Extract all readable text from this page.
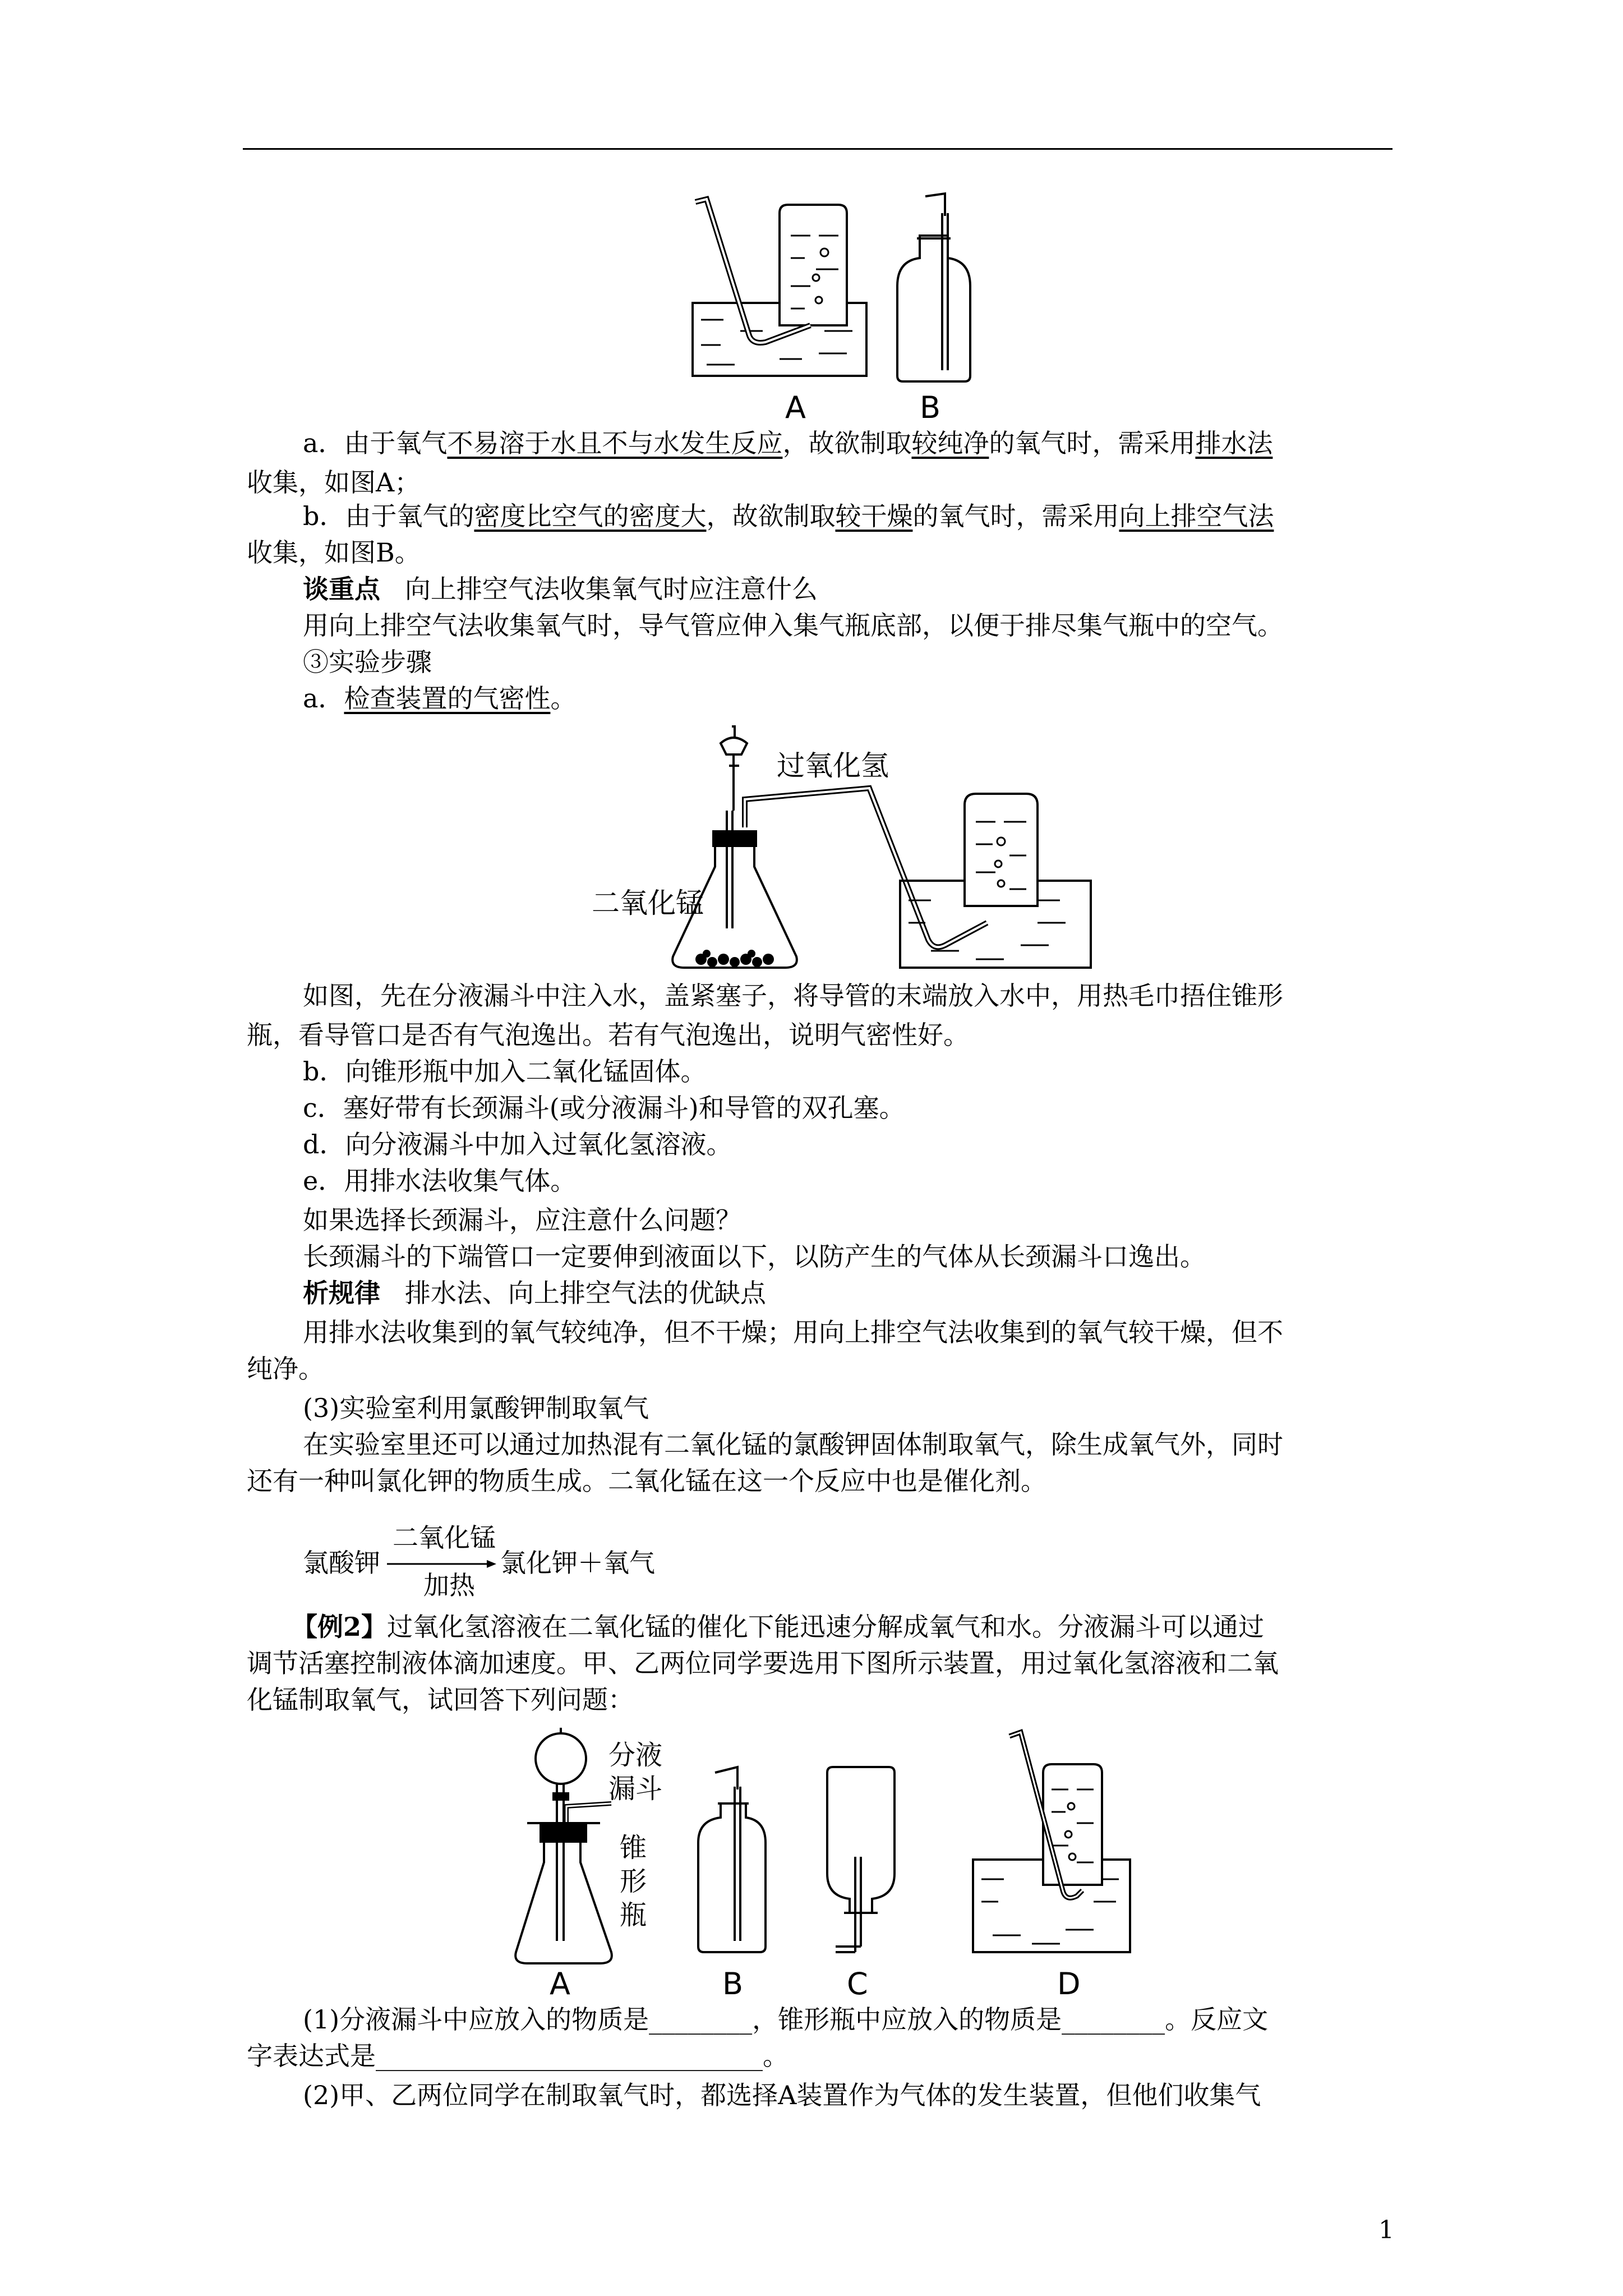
A	B
a．由于氧气不易溶于水且不与水发生反应，故欲制取较纯净的氧气时，需采用排水法
收集，如图A；
b．由于氧气的密度比空气的密度大，故欲制取较干燥的氧气时，需采用向上排空气法
收集，如图B。
谈重点 向上排空气法收集氧气时应注意什么
用向上排空气法收集氧气时，导气管应伸入集气瓶底部，以便于排尽集气瓶中的空气。
③实验步骤
a．检查装置的气密性。
过氧化氢
二氧化锰
如图，先在分液漏斗中注入水，盖紧塞子，将导管的末端放入水中，用热毛巾捂住锥形
瓶，看导管口是否有气泡逸出。若有气泡逸出，说明气密性好。
b．向锥形瓶中加入二氧化锰固体。
c．塞好带有长颈漏斗(或分液漏斗)和导管的双孔塞。
d．向分液漏斗中加入过氧化氢溶液。
e．用排水法收集气体。
如果选择长颈漏斗，应注意什么问题？
长颈漏斗的下端管口一定要伸到液面以下，以防产生的气体从长颈漏斗口逸出。
析规律 排水法、向上排空气法的优缺点
用排水法收集到的氧气较纯净，但不干燥；用向上排空气法收集到的氧气较干燥，但不
纯净。
(3)实验室利用氯酸钾制取氧气
在实验室里还可以通过加热混有二氧化锰的氯酸钾固体制取氧气，除生成氧气外，同时
还有一种叫氯化钾的物质生成。二氧化锰在这一个反应中也是催化剂。
氯酸钾
二氧化锰
加热
氯化钾＋氧气
【例2】过氧化氢溶液在二氧化锰的催化下能迅速分解成氧气和水。分液漏斗可以通过
调节活塞控制液体滴加速度。甲、乙两位同学要选用下图所示装置，用过氧化氢溶液和二氧
化锰制取氧气，试回答下列问题：
分液
漏斗
锥
形
瓶
A	B	C	D
(1)分液漏斗中应放入的物质是________，锥形瓶中应放入的物质是________。反应文
字表达式是______________________________。
(2)甲、乙两位同学在制取氧气时，都选择A装置作为气体的发生装置，但他们收集气
1
